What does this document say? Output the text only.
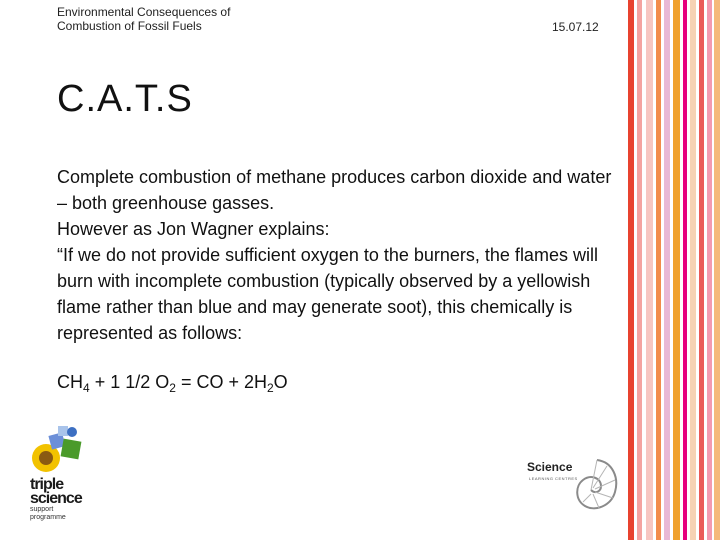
Environmental Consequences of
Combustion of Fossil Fuels	15.07.12
C.A.T.S

Complete combustion of methane produces carbon dioxide and water – both greenhouse gasses.

However as Jon Wagner explains:

“If we do not provide sufficient oxygen to the burners, the flames will burn with incomplete combustion (typically observed by a yellowish flame rather than blue and may generate soot), this chemically is represented as follows:

$CH_4 + 1$ 1/2 $O_2$ = CO + $2H_2O$
triple
science
support
programme
Science
LEARNING CENTRES
